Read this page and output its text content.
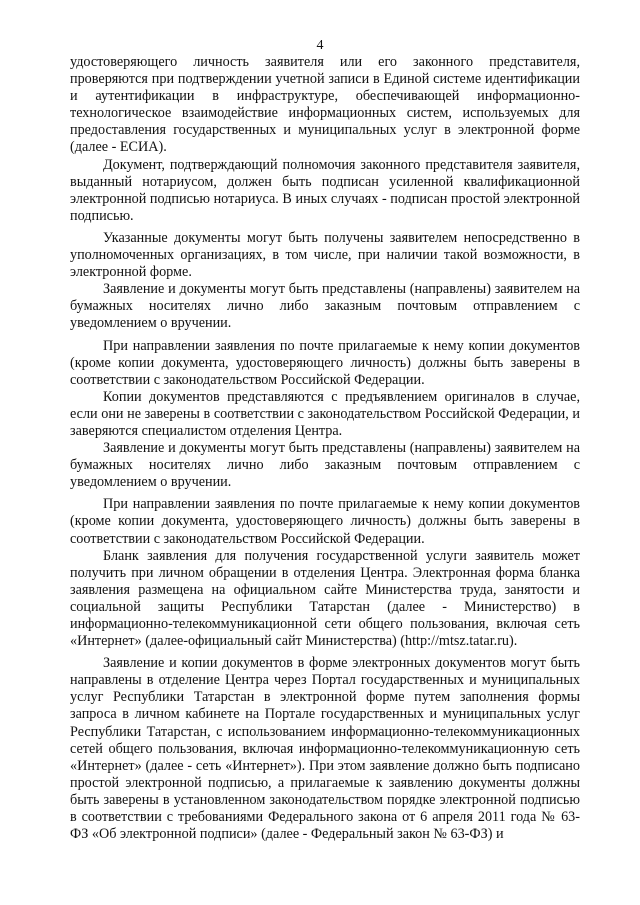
4

удостоверяющего личность заявителя или его законного представителя, проверяются при подтверждении учетной записи в Единой системе идентификации и аутентификации в инфраструктуре, обеспечивающей информационно-технологическое взаимодействие информационных систем, используемых для предоставления государственных и муниципальных услуг в электронной форме (далее - ЕСИА).

Документ, подтверждающий полномочия законного представителя заявителя, выданный нотариусом, должен быть подписан усиленной квалификационной электронной подписью нотариуса. В иных случаях - подписан простой электронной подписью.

Указанные документы могут быть получены заявителем непосредственно в уполномоченных организациях, в том числе, при наличии такой возможности, в электронной форме.

Заявление и документы могут быть представлены (направлены) заявителем на бумажных носителях лично либо заказным почтовым отправлением с уведомлением о вручении.

При направлении заявления по почте прилагаемые к нему копии документов (кроме копии документа, удостоверяющего личность) должны быть заверены в соответствии с законодательством Российской Федерации.

Копии документов представляются с предъявлением оригиналов в случае, если они не заверены в соответствии с законодательством Российской Федерации, и заверяются специалистом отделения Центра.

Заявление и документы могут быть представлены (направлены) заявителем на бумажных носителях лично либо заказным почтовым отправлением с уведомлением о вручении.

При направлении заявления по почте прилагаемые к нему копии документов (кроме копии документа, удостоверяющего личность) должны быть заверены в соответствии с законодательством Российской Федерации.

Бланк заявления для получения государственной услуги заявитель может получить при личном обращении в отделения Центра. Электронная форма бланка заявления размещена на официальном сайте Министерства труда, занятости и социальной защиты Республики Татарстан (далее - Министерство) в информационно-телекоммуникационной сети общего пользования, включая сеть «Интернет» (далее-официальный сайт Министерства) (http://mtsz.tatar.ru).

Заявление и копии документов в форме электронных документов могут быть направлены в отделение Центра через Портал государственных и муниципальных услуг Республики Татарстан в электронной форме путем заполнения формы запроса в личном кабинете на Портале государственных и муниципальных услуг Республики Татарстан, с использованием информационно-телекоммуникационных сетей общего пользования, включая информационно-телекоммуникационную сеть «Интернет» (далее - сеть «Интернет»). При этом заявление должно быть подписано простой электронной подписью, а прилагаемые к заявлению документы должны быть заверены в установленном законодательством порядке электронной подписью в соответствии с требованиями Федерального закона от 6 апреля 2011 года № 63-ФЗ «Об электронной подписи» (далее - Федеральный закон № 63-ФЗ) и
